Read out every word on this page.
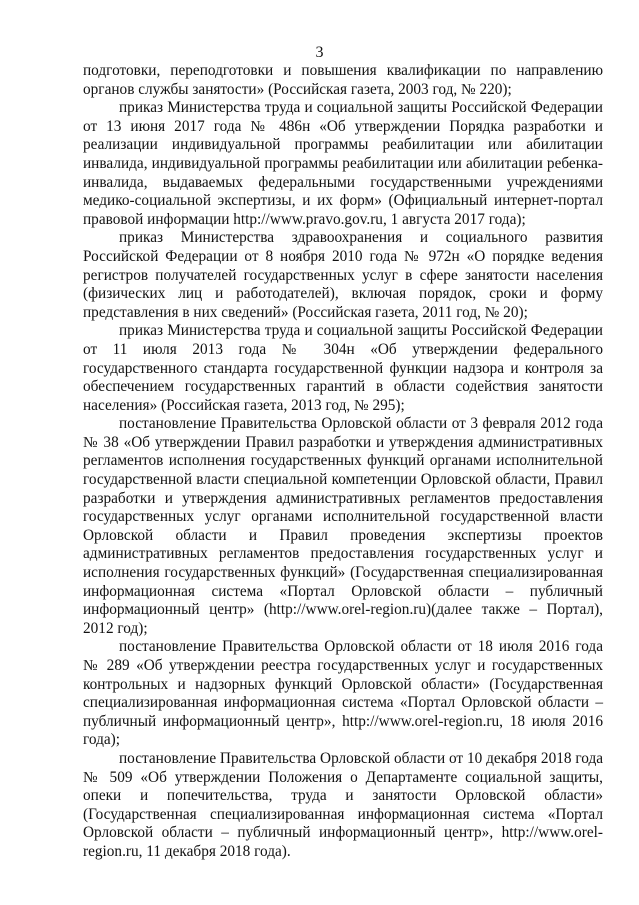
3

подготовки, переподготовки и повышения квалификации по направлению органов службы занятости» (Российская газета, 2003 год, № 220);

приказ Министерства труда и социальной защиты Российской Федерации от 13 июня 2017 года № 486н «Об утверждении Порядка разработки и реализации индивидуальной программы реабилитации или абилитации инвалида, индивидуальной программы реабилитации или абилитации ребенка-инвалида, выдаваемых федеральными государственными учреждениями медико-социальной экспертизы, и их форм» (Официальный интернет-портал правовой информации http://www.pravo.gov.ru, 1 августа 2017 года);

приказ Министерства здравоохранения и социального развития Российской Федерации от 8 ноября 2010 года № 972н «О порядке ведения регистров получателей государственных услуг в сфере занятости населения (физических лиц и работодателей), включая порядок, сроки и форму представления в них сведений» (Российская газета, 2011 год, № 20);

приказ Министерства труда и социальной защиты Российской Федерации от 11 июля 2013 года № 304н «Об утверждении федерального государственного стандарта государственной функции надзора и контроля за обеспечением государственных гарантий в области содействия занятости населения» (Российская газета, 2013 год, № 295);

постановление Правительства Орловской области от 3 февраля 2012 года № 38 «Об утверждении Правил разработки и утверждения административных регламентов исполнения государственных функций органами исполнительной государственной власти специальной компетенции Орловской области, Правил разработки и утверждения административных регламентов предоставления государственных услуг органами исполнительной государственной власти Орловской области и Правил проведения экспертизы проектов административных регламентов предоставления государственных услуг и исполнения государственных функций» (Государственная специализированная информационная система «Портал Орловской области – публичный информационный центр» (http://www.orel-region.ru)(далее также – Портал), 2012 год);

постановление Правительства Орловской области от 18 июля 2016 года № 289 «Об утверждении реестра государственных услуг и государственных контрольных и надзорных функций Орловской области» (Государственная специализированная информационная система «Портал Орловской области – публичный информационный центр», http://www.orel-region.ru, 18 июля 2016 года);

постановление Правительства Орловской области от 10 декабря 2018 года № 509 «Об утверждении Положения о Департаменте социальной защиты, опеки и попечительства, труда и занятости Орловской области» (Государственная специализированная информационная система «Портал Орловской области – публичный информационный центр», http://www.orel-region.ru, 11 декабря 2018 года).
